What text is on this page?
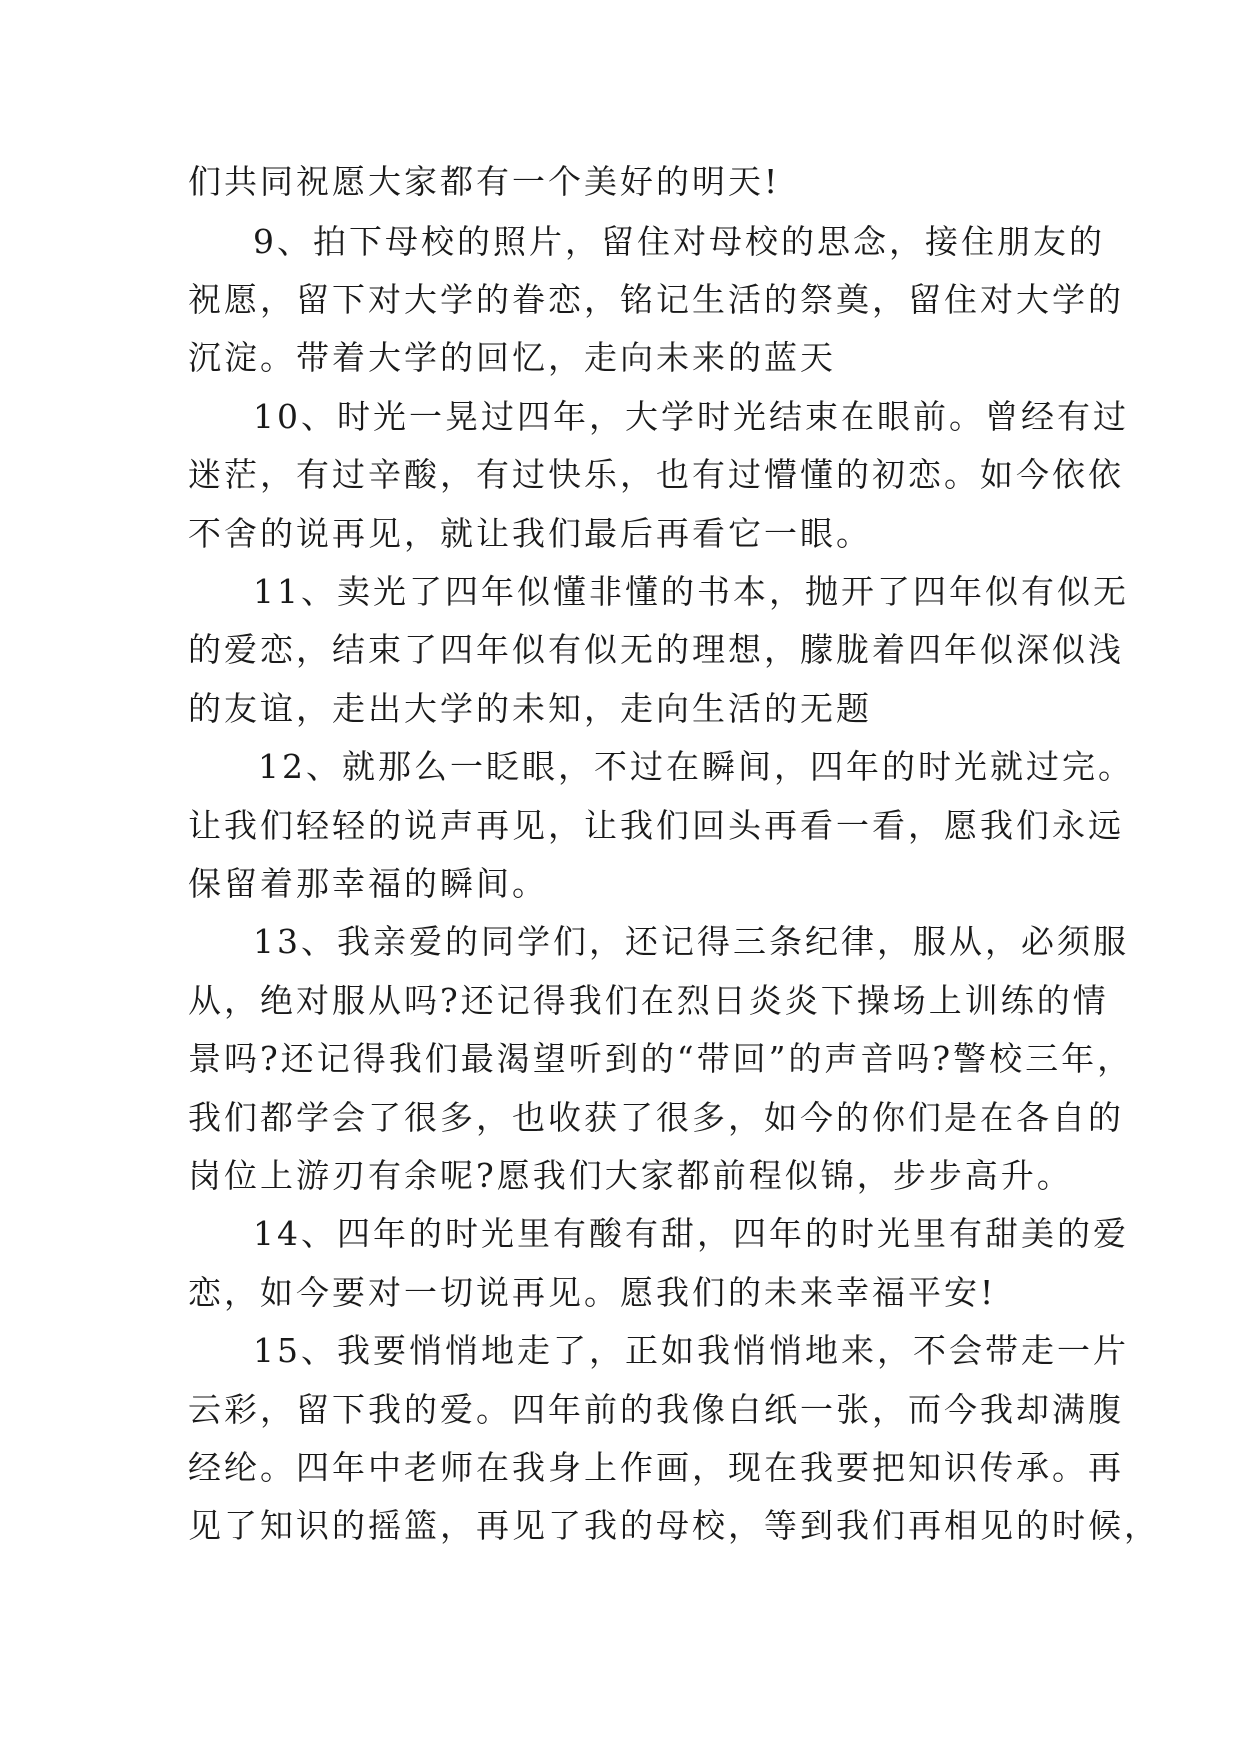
们共同祝愿大家都有一个美好的明天!
9、拍下母校的照片，留住对母校的思念，接住朋友的
祝愿，留下对大学的眷恋，铭记生活的祭奠，留住对大学的
沉淀。带着大学的回忆，走向未来的蓝天
10、时光一晃过四年，大学时光结束在眼前。曾经有过
迷茫，有过辛酸，有过快乐，也有过懵懂的初恋。如今依依
不舍的说再见，就让我们最后再看它一眼。
11、卖光了四年似懂非懂的书本，抛开了四年似有似无
的爱恋，结束了四年似有似无的理想，朦胧着四年似深似浅
的友谊，走出大学的未知，走向生活的无题
12、就那么一眨眼，不过在瞬间，四年的时光就过完。
让我们轻轻的说声再见，让我们回头再看一看，愿我们永远
保留着那幸福的瞬间。
13、我亲爱的同学们，还记得三条纪律，服从，必须服
从，绝对服从吗?还记得我们在烈日炎炎下操场上训练的情
景吗?还记得我们最渴望听到的“带回”的声音吗?警校三年，
我们都学会了很多，也收获了很多，如今的你们是在各自的
岗位上游刃有余呢?愿我们大家都前程似锦，步步高升。
14、四年的时光里有酸有甜，四年的时光里有甜美的爱
恋，如今要对一切说再见。愿我们的未来幸福平安!
15、我要悄悄地走了，正如我悄悄地来，不会带走一片
云彩，留下我的爱。四年前的我像白纸一张，而今我却满腹
经纶。四年中老师在我身上作画，现在我要把知识传承。再
见了知识的摇篮，再见了我的母校，等到我们再相见的时候，
